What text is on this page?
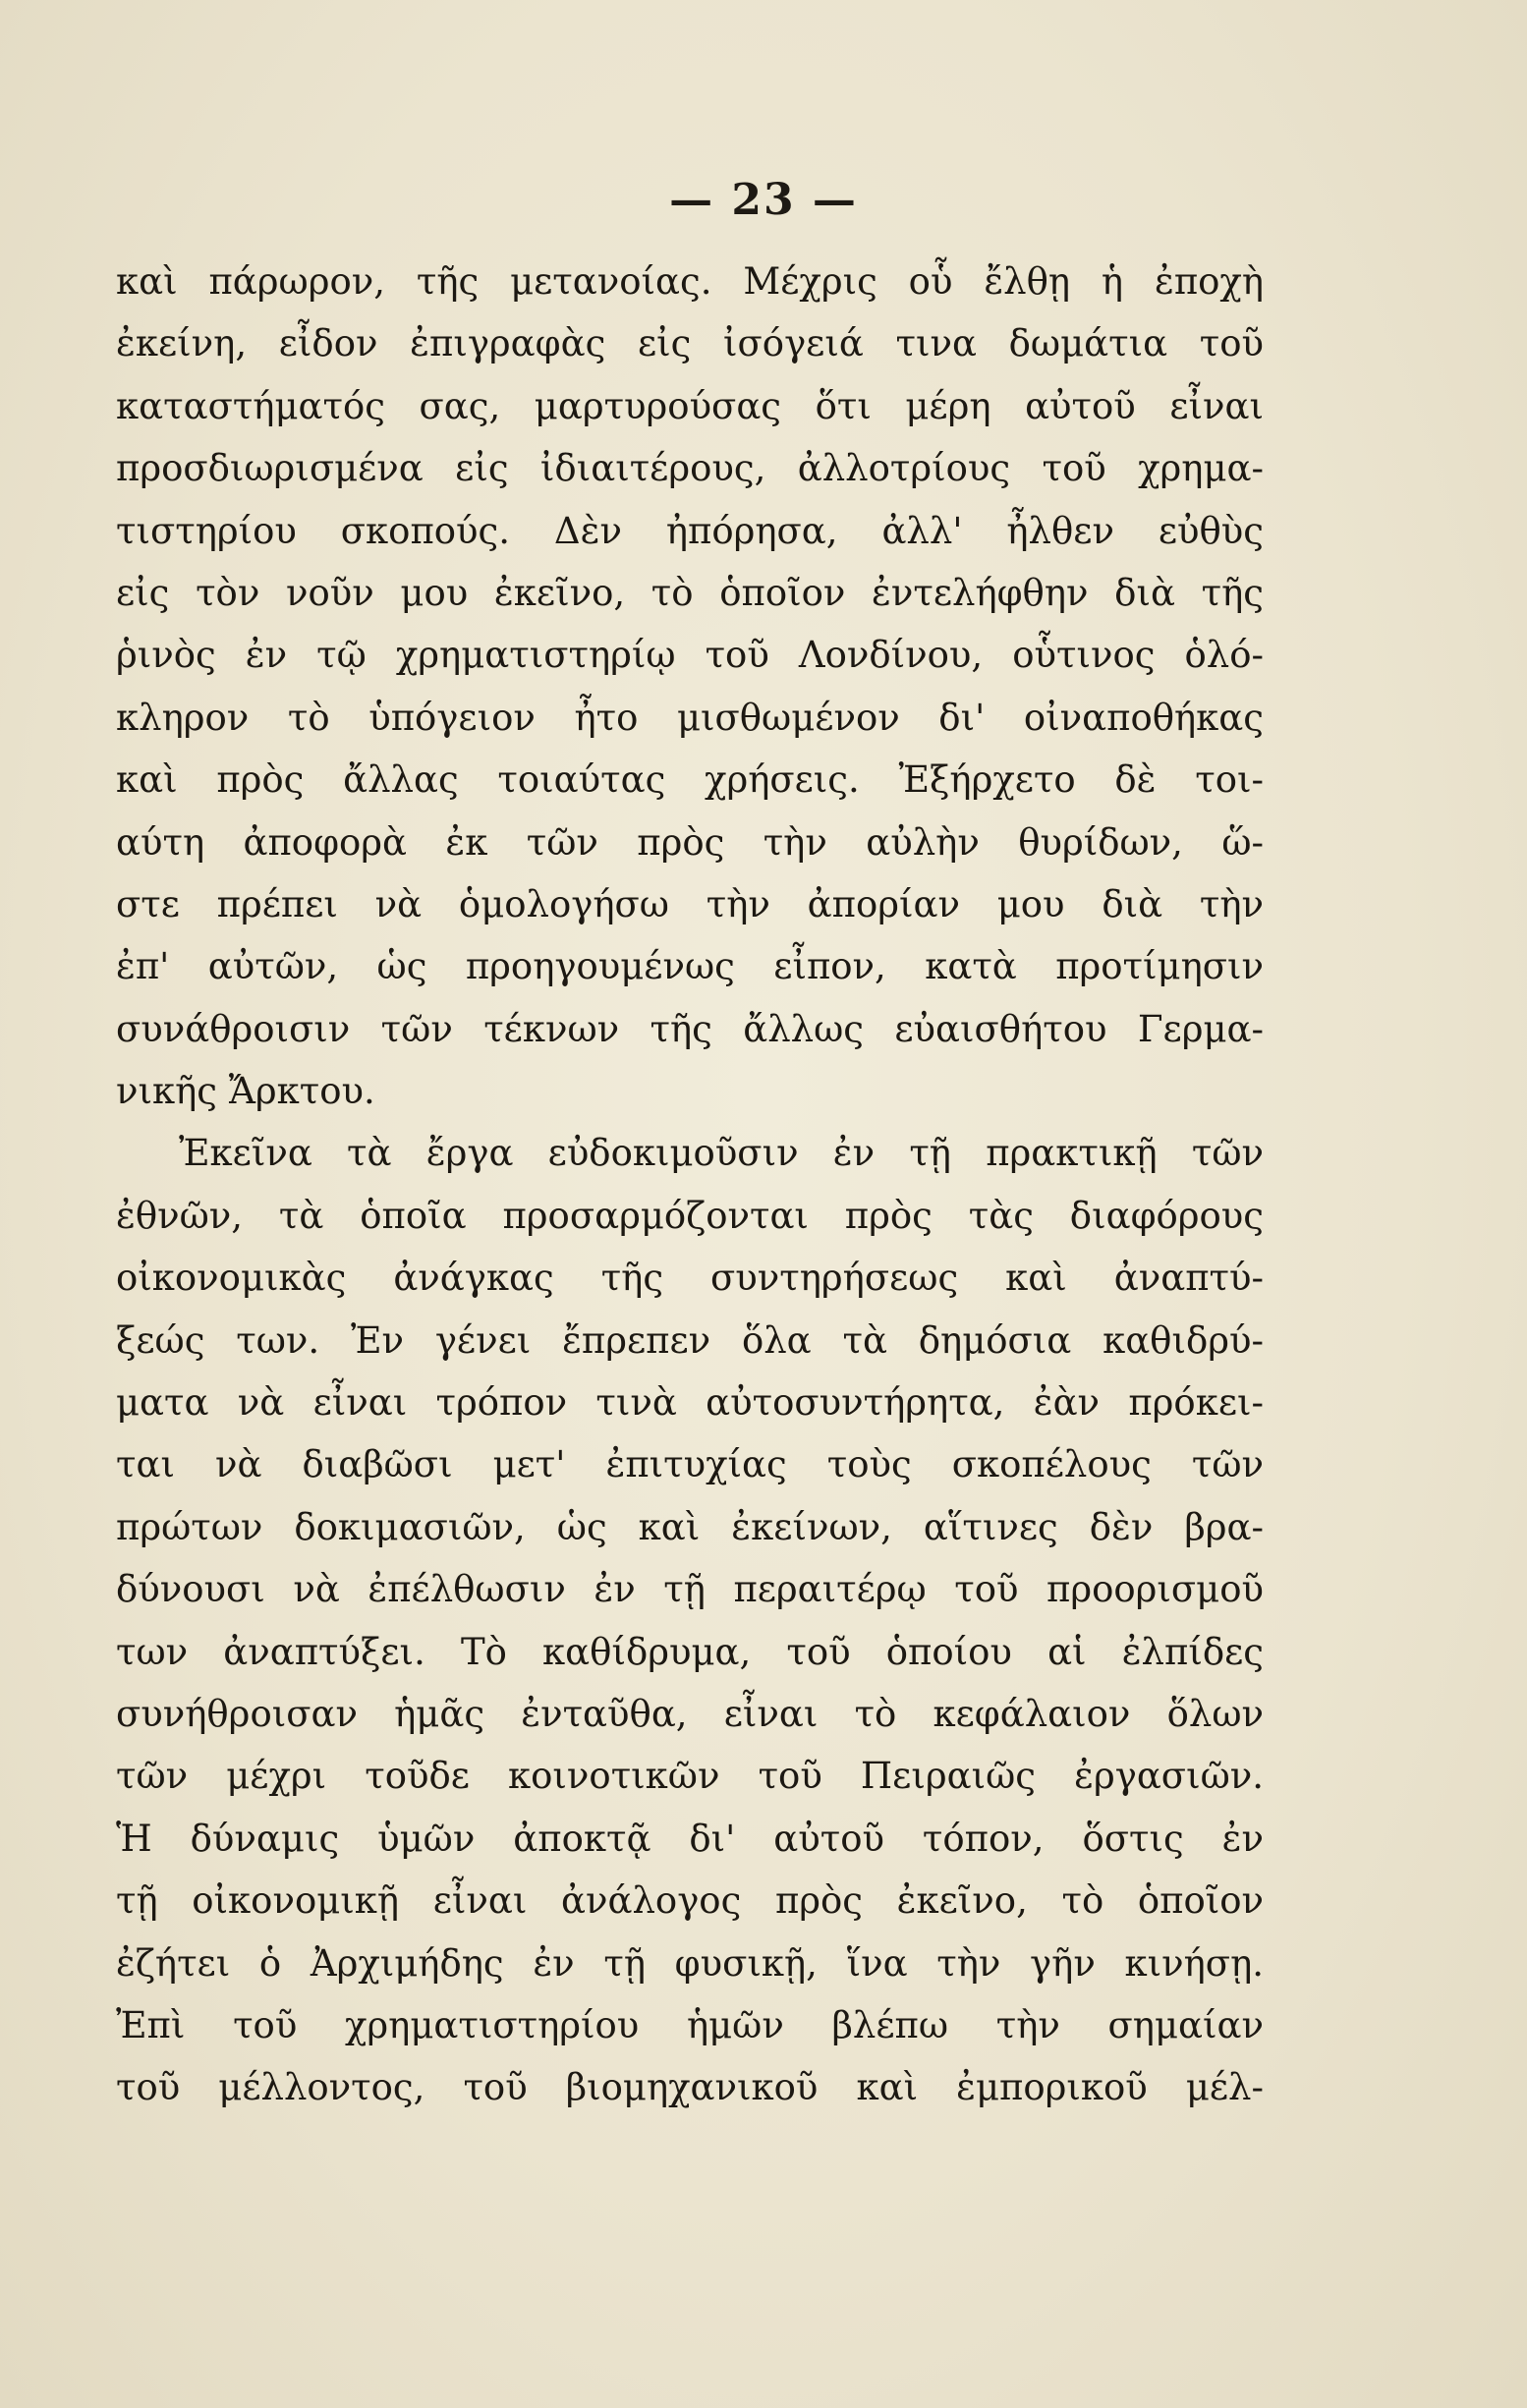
— 23 —
καὶ πάρωρον, τῆς μετανοίας. Μέχρις οὗ ἔλθῃ ἡ ἐποχὴ
ἐκείνη, εἶδον ἐπιγραφὰς εἰς ἰσόγειά τινα δωμάτια τοῦ
καταστήματός σας, μαρτυρούσας ὅτι μέρη αὐτοῦ εἶναι
προσδιωρισμένα εἰς ἰδιαιτέρους, ἀλλοτρίους τοῦ χρημα-
τιστηρίου σκοπούς. Δὲν ἠπόρησα, ἀλλ' ἦλθεν εὐθὺς
εἰς τὸν νοῦν μου ἐκεῖνο, τὸ ὁποῖον ἐντελήφθην διὰ τῆς
ῥινὸς ἐν τῷ χρηματιστηρίῳ τοῦ Λονδίνου, οὗτινος ὁλό-
κληρον τὸ ὑπόγειον ἦτο μισθωμένον δι' οἰναποθήκας
καὶ πρὸς ἄλλας τοιαύτας χρήσεις. Ἐξήρχετο δὲ τοι-
αύτη ἀποφορὰ ἐκ τῶν πρὸς τὴν αὐλὴν θυρίδων, ὥ-
στε πρέπει νὰ ὁμολογήσω τὴν ἀπορίαν μου διὰ τὴν
ἐπ' αὐτῶν, ὡς προηγουμένως εἶπον, κατὰ προτίμησιν
συνάθροισιν τῶν τέκνων τῆς ἄλλως εὐαισθήτου Γερμα-
νικῆς Ἄρκτου.
Ἐκεῖνα τὰ ἔργα εὐδοκιμοῦσιν ἐν τῇ πρακτικῇ τῶν
ἐθνῶν, τὰ ὁποῖα προσαρμόζονται πρὸς τὰς διαφόρους
οἰκονομικὰς ἀνάγκας τῆς συντηρήσεως καὶ ἀναπτύ-
ξεώς των. Ἐν γένει ἔπρεπεν ὅλα τὰ δημόσια καθιδρύ-
ματα νὰ εἶναι τρόπον τινὰ αὐτοσυντήρητα, ἐὰν πρόκει-
ται νὰ διαβῶσι μετ' ἐπιτυχίας τοὺς σκοπέλους τῶν
πρώτων δοκιμασιῶν, ὡς καὶ ἐκείνων, αἵτινες δὲν βρα-
δύνουσι νὰ ἐπέλθωσιν ἐν τῇ περαιτέρῳ τοῦ προορισμοῦ
των ἀναπτύξει. Τὸ καθίδρυμα, τοῦ ὁποίου αἱ ἐλπίδες
συνήθροισαν ἡμᾶς ἐνταῦθα, εἶναι τὸ κεφάλαιον ὅλων
τῶν μέχρι τοῦδε κοινοτικῶν τοῦ Πειραιῶς ἐργασιῶν.
Ἡ δύναμις ὑμῶν ἀποκτᾷ δι' αὐτοῦ τόπον, ὅστις ἐν
τῇ οἰκονομικῇ εἶναι ἀνάλογος πρὸς ἐκεῖνο, τὸ ὁποῖον
ἐζήτει ὁ Ἀρχιμήδης ἐν τῇ φυσικῇ, ἵνα τὴν γῆν κινήσῃ.
Ἐπὶ τοῦ χρηματιστηρίου ἡμῶν βλέπω τὴν σημαίαν
τοῦ μέλλοντος, τοῦ βιομηχανικοῦ καὶ ἐμπορικοῦ μέλ-
